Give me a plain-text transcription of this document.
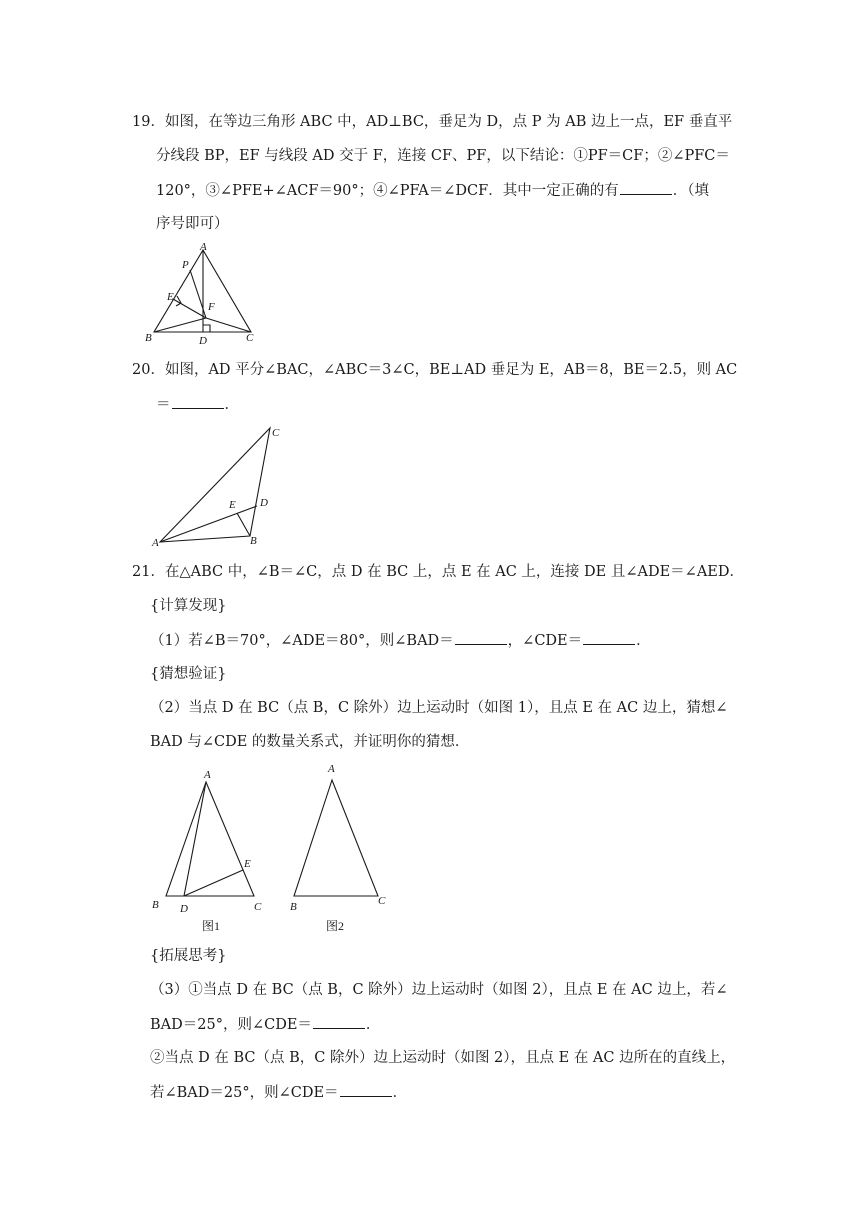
19．如图，在等边三角形 ABC 中，AD⊥BC，垂足为 D，点 P 为 AB 边上一点，EF 垂直平
分线段 BP，EF 与线段 AD 交于 F，连接 CF、PF，以下结论：①PF＝CF；②∠PFC＝
120°，③∠PFE+∠ACF＝90°；④∠PFA＝∠DCF．其中一定正确的有	．（填
序号即可）
A
P
E
F
B	D	C
20．如图，AD 平分∠BAC，∠ABC＝3∠C，BE⊥AD 垂足为 E，AB＝8，BE＝2.5，则 AC
＝	．
A	B
C
D
E
21．在△ABC 中，∠B＝∠C，点 D 在 BC 上，点 E 在 AC 上，连接 DE 且∠ADE＝∠AED．
{计算发现}
（1）若∠B＝70°，∠ADE＝80°，则∠BAD＝	，∠CDE＝	．
{猜想验证}
（2）当点 D 在 BC（点 B，C 除外）边上运动时（如图 1），且点 E 在 AC 边上，猜想∠
BAD 与∠CDE 的数量关系式，并证明你的猜想．
A
B D	C
E
图1
A
B	C
图2
{拓展思考}
（3）①当点 D 在 BC（点 B，C 除外）边上运动时（如图 2），且点 E 在 AC 边上，若∠
BAD＝25°，则∠CDE＝	．
②当点 D 在 BC（点 B，C 除外）边上运动时（如图 2），且点 E 在 AC 边所在的直线上，
若∠BAD＝25°，则∠CDE＝	．
